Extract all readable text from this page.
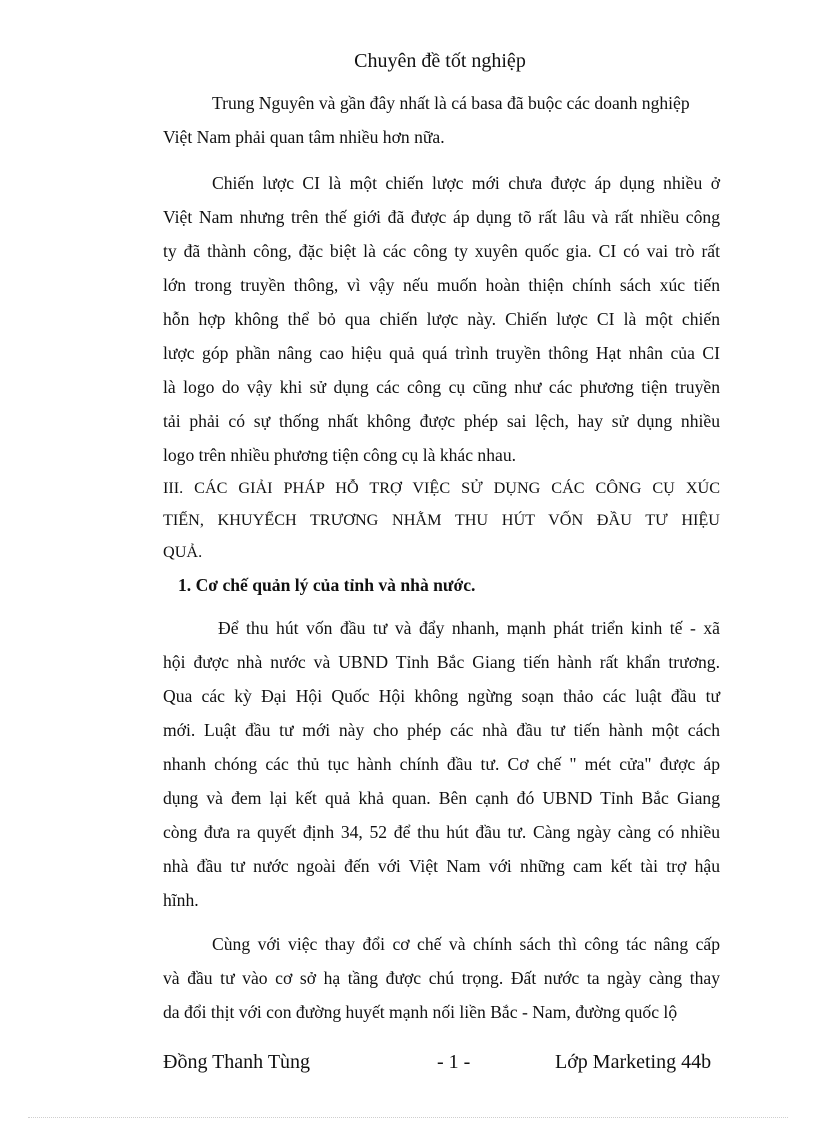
Chuyên đề tốt nghiệp
Trung Nguyên và gần đây nhất là cá basa đã buộc các doanh nghiệp
Việt Nam phải quan tâm nhiều hơn nữa.
Chiến lược CI là một chiến lược mới chưa được áp dụng nhiều ở
Việt Nam nhưng trên thế giới đã được áp dụng tõ rất lâu và rất nhiều công
ty đã thành công, đặc biệt là các công ty xuyên quốc gia. CI có vai trò rất
lớn trong truyền thông, vì vậy nếu muốn hoàn thiện chính sách xúc tiến
hỗn hợp không thể bỏ qua chiến lược này. Chiến lược CI là một chiến
lược góp phần nâng cao hiệu quả quá trình truyền thông Hạt nhân của CI
là logo do vậy khi sử dụng các công cụ cũng như các phương tiện truyền
tải phải có sự thống nhất không được phép sai lệch, hay sử dụng nhiều
logo trên nhiều phương tiện công cụ là khác nhau.
III. CÁC GIẢI PHÁP HỖ TRỢ VIỆC SỬ DỤNG CÁC CÔNG CỤ XÚC
TIẾN, KHUYẾCH TRƯƠNG NHẰM THU HÚT VỐN ĐẦU TƯ HIỆU
QUẢ.
1. Cơ chế quản lý của tỉnh và nhà nước.
Để thu hút vốn đầu tư và đẩy nhanh, mạnh phát triển kinh tế - xã
hội được nhà nước và UBND Tỉnh Bắc Giang tiến hành rất khẩn trương.
Qua các kỳ Đại Hội Quốc Hội không ngừng soạn thảo các luật đầu tư
mới. Luật đầu tư mới này cho phép các nhà đầu tư tiến hành một cách
nhanh chóng các thủ tục hành chính đầu tư. Cơ chế " mét cửa" được áp
dụng và đem lại kết quả khả quan. Bên cạnh đó UBND Tỉnh Bắc Giang
còng đưa ra quyết định 34, 52 để thu hút đầu tư. Càng ngày càng có nhiều
nhà đầu tư nước ngoài đến với Việt Nam với những cam kết tài trợ hậu
hĩnh.
Cùng với việc thay đổi cơ chế và chính sách thì công tác nâng cấp
và đầu tư vào cơ sở hạ tầng được chú trọng. Đất nước ta ngày càng thay
da đổi thịt với con đường huyết mạnh nối liền Bắc - Nam, đường quốc lộ
Đồng Thanh Tùng	- 1 -	Lớp Marketing 44b
